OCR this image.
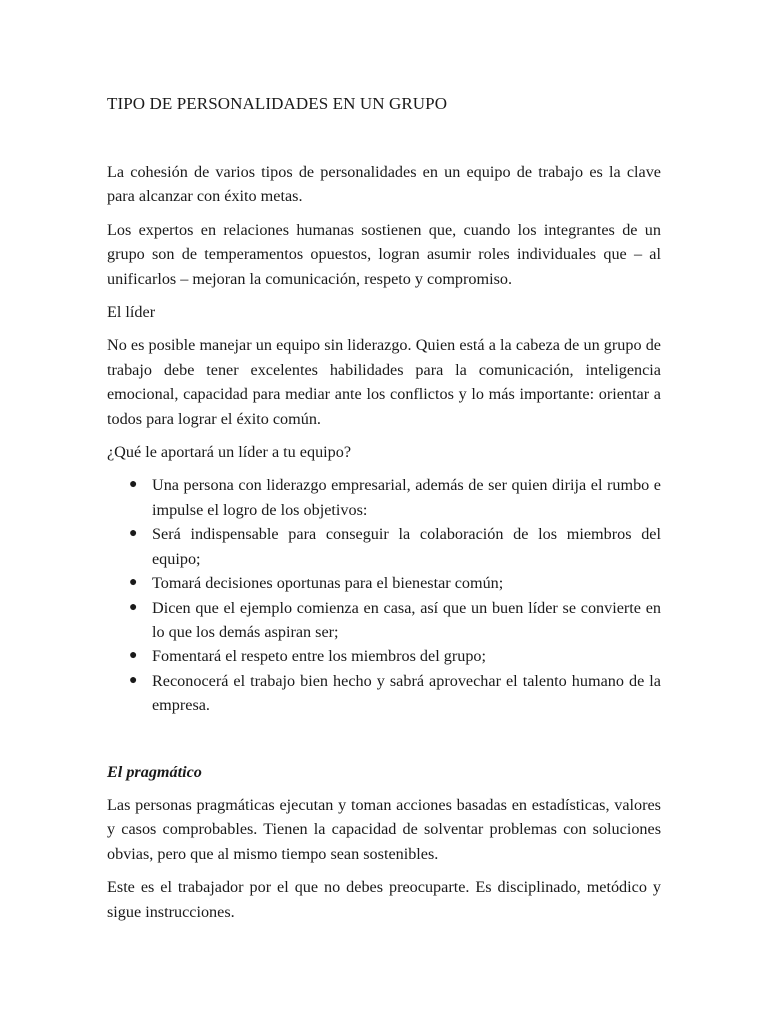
TIPO DE PERSONALIDADES EN UN GRUPO

La cohesión de varios tipos de personalidades en un equipo de trabajo es la clave para alcanzar con éxito metas.

Los expertos en relaciones humanas sostienen que, cuando los integrantes de un grupo son de temperamentos opuestos, logran asumir roles individuales que – al unificarlos – mejoran la comunicación, respeto y compromiso.

El líder

No es posible manejar un equipo sin liderazgo. Quien está a la cabeza de un grupo de trabajo debe tener excelentes habilidades para la comunicación, inteligencia emocional, capacidad para mediar ante los conflictos y lo más importante: orientar a todos para lograr el éxito común.

¿Qué le aportará un líder a tu equipo?

● Una persona con liderazgo empresarial, además de ser quien dirija el rumbo e impulse el logro de los objetivos:
● Será indispensable para conseguir la colaboración de los miembros del equipo;
● Tomará decisiones oportunas para el bienestar común;
● Dicen que el ejemplo comienza en casa, así que un buen líder se convierte en lo que los demás aspiran ser;
● Fomentará el respeto entre los miembros del grupo;
● Reconocerá el trabajo bien hecho y sabrá aprovechar el talento humano de la empresa.
El pragmático

Las personas pragmáticas ejecutan y toman acciones basadas en estadísticas, valores y casos comprobables. Tienen la capacidad de solventar problemas con soluciones obvias, pero que al mismo tiempo sean sostenibles.

Este es el trabajador por el que no debes preocuparte. Es disciplinado, metódico y sigue instrucciones.
